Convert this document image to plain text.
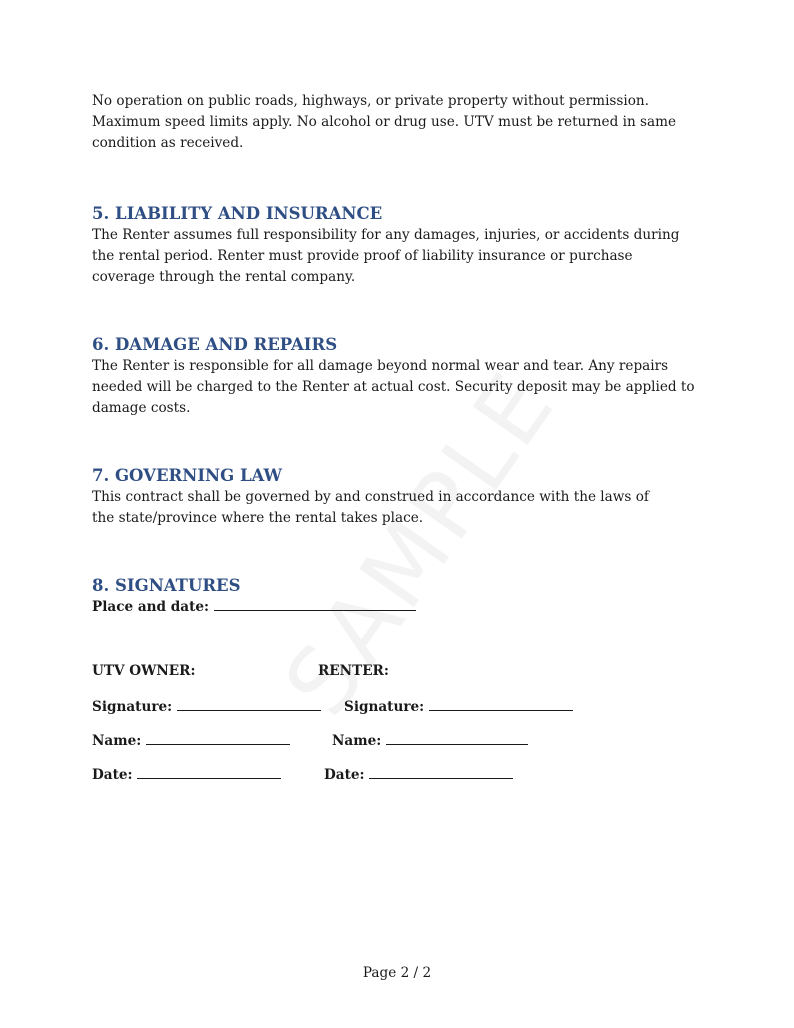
No operation on public roads, highways, or private property without permission. Maximum speed limits apply. No alcohol or drug use. UTV must be returned in same condition as received.

5. LIABILITY AND INSURANCE

The Renter assumes full responsibility for any damages, injuries, or accidents during the rental period. Renter must provide proof of liability insurance or purchase coverage through the rental company.

6. DAMAGE AND REPAIRS

The Renter is responsible for all damage beyond normal wear and tear. Any repairs needed will be charged to the Renter at actual cost. Security deposit may be applied to damage costs.

7. GOVERNING LAW

This contract shall be governed by and construed in accordance with the laws of the state/province where the rental takes place.

8. SIGNATURES
Place and date:
UTV OWNER:	RENTER:
Signature:	Signature:
Name:	Name:
Date:	Date:
Page 2 / 2
